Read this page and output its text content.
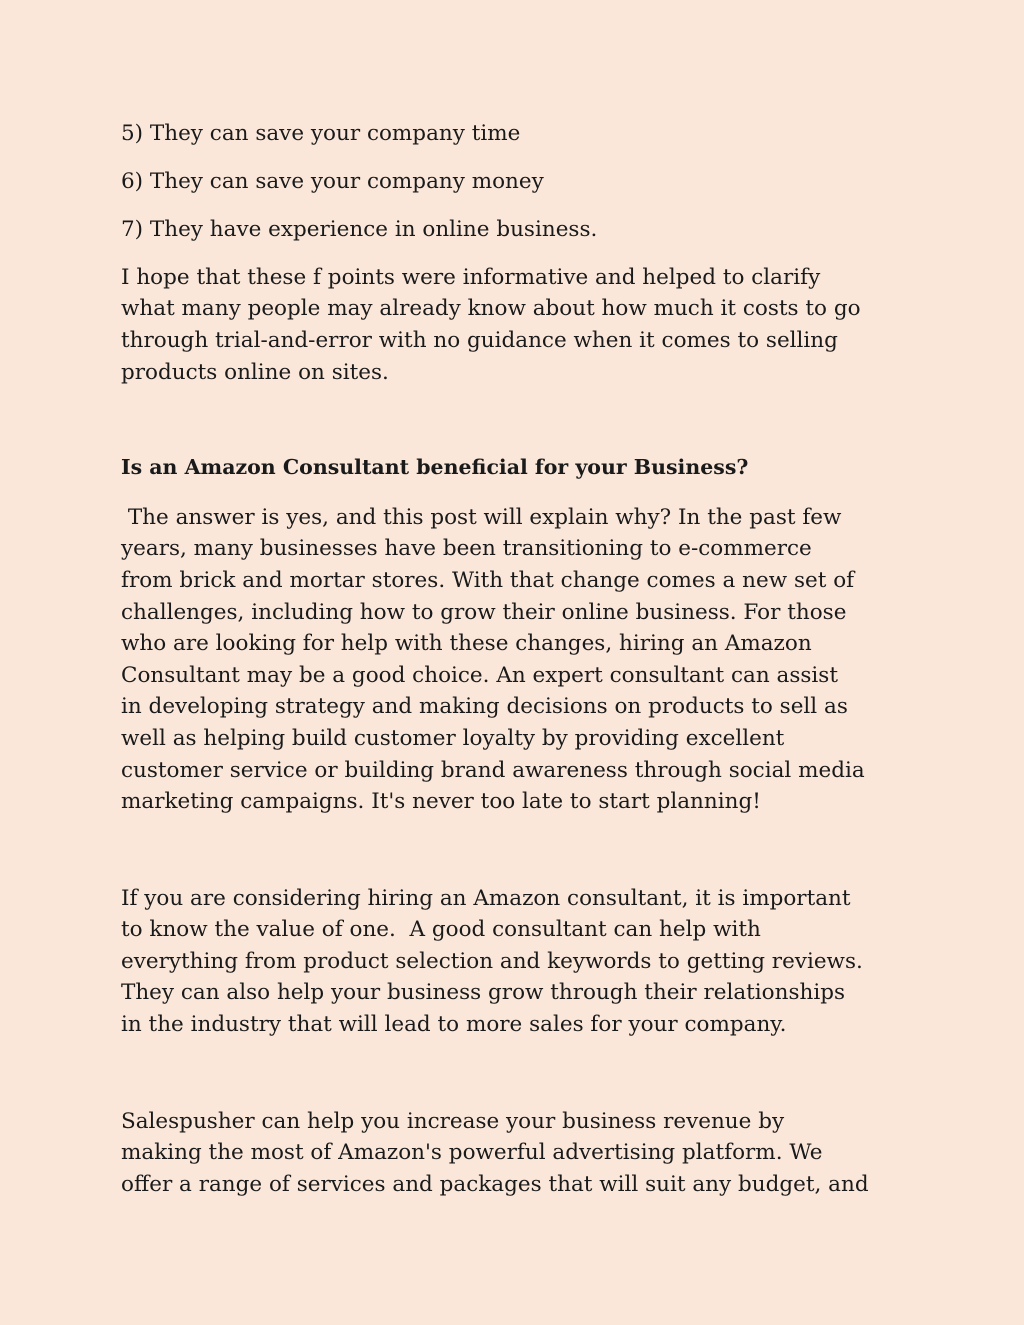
5) They can save your company time

6) They can save your company money

7) They have experience in online business.

I hope that these f points were informative and helped to clarify
what many people may already know about how much it costs to go
through trial-and-error with no guidance when it comes to selling
products online on sites.

Is an Amazon Consultant beneficial for your Business?

The answer is yes, and this post will explain why? In the past few
years, many businesses have been transitioning to e-commerce
from brick and mortar stores. With that change comes a new set of
challenges, including how to grow their online business. For those
who are looking for help with these changes, hiring an Amazon
Consultant may be a good choice. An expert consultant can assist
in developing strategy and making decisions on products to sell as
well as helping build customer loyalty by providing excellent
customer service or building brand awareness through social media
marketing campaigns. It's never too late to start planning!

If you are considering hiring an Amazon consultant, it is important
to know the value of one.  A good consultant can help with
everything from product selection and keywords to getting reviews.
They can also help your business grow through their relationships
in the industry that will lead to more sales for your company.

Salespusher can help you increase your business revenue by
making the most of Amazon's powerful advertising platform. We
offer a range of services and packages that will suit any budget, and
